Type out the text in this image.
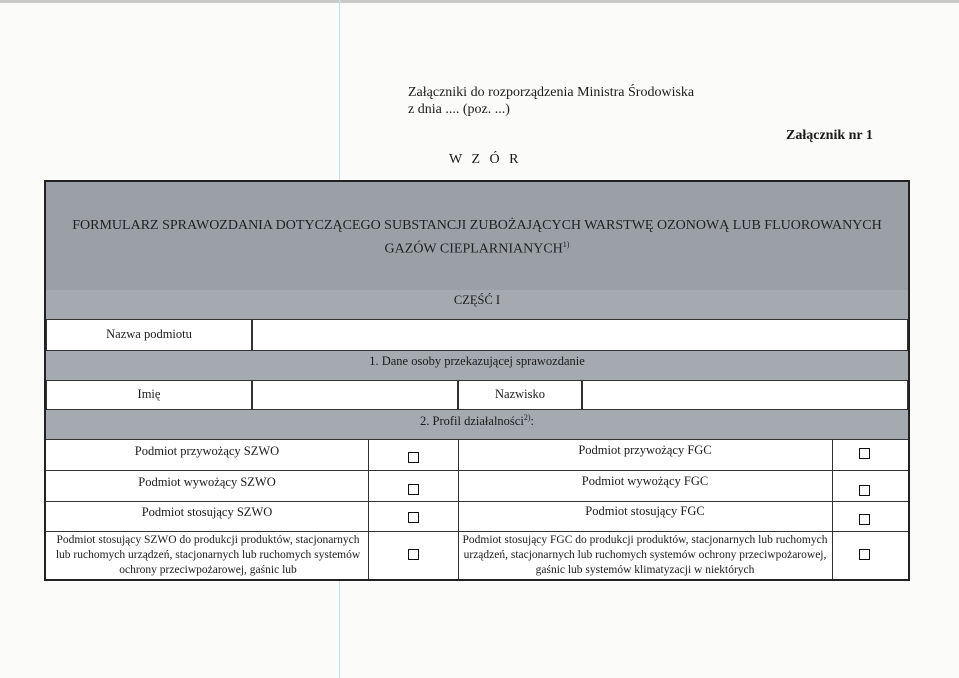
Załączniki do rozporządzenia Ministra Środowiska
z dnia .... (poz. ...)
W Z Ó R
Załącznik nr 1
FORMULARZ SPRAWOZDANIA DOTYCZĄCEGO SUBSTANCJI ZUBOŻAJĄCYCH WARSTWĘ OZONOWĄ LUB FLUOROWANYCH
GAZÓW CIEPLARNIANYCH$^{1)}$
CZĘŚĆ I
Nazwa podmiotu
1. Dane osoby przekazującej sprawozdanie
Imię	Nazwisko
2. Profil działalności$^{2)}$:
Podmiot przywożący SZWO
Podmiot wywożący SZWO
Podmiot stosujący SZWO
Podmiot stosujący SZWO do produkcji produktów, stacjonarnych lub ruchomych urządzeń, stacjonarnych lub ruchomych systemów ochrony przeciwpożarowej, gaśnic lub
Podmiot przywożący FGC
Podmiot wywożący FGC
Podmiot stosujący FGC
Podmiot stosujący FGC do produkcji produktów, stacjonarnych lub ruchomych urządzeń, stacjonarnych lub ruchomych systemów ochrony przeciwpożarowej, gaśnic lub systemów klimatyzacji w niektórych
